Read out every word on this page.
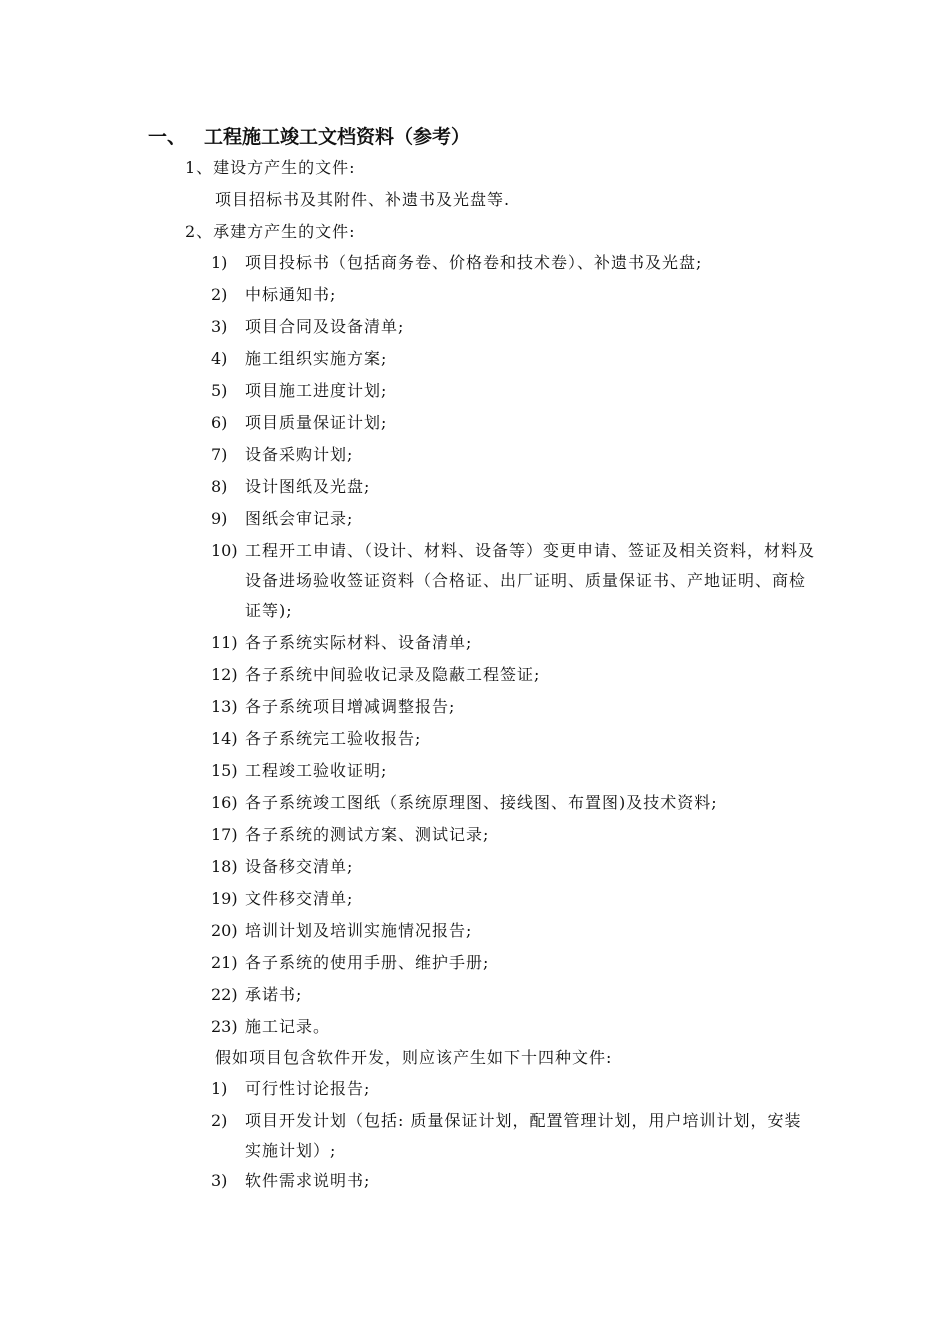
一、 工程施工竣工文档资料（参考）
1、建设方产生的文件:
项目招标书及其附件、补遗书及光盘等.
2、承建方产生的文件:
1)	项目投标书（包括商务卷、价格卷和技术卷）、补遗书及光盘;
2)	中标通知书;
3)	项目合同及设备清单;
4)	施工组织实施方案;
5)	项目施工进度计划;
6)	项目质量保证计划;
7)	设备采购计划;
8)	设计图纸及光盘;
9)	图纸会审记录;
10) 工程开工申请、（设计、材料、设备等）变更申请、签证及相关资料，材料及设备进场验收签证资料（合格证、出厂证明、质量保证书、产地证明、商检证等);
11) 各子系统实际材料、设备清单;
12) 各子系统中间验收记录及隐蔽工程签证;
13) 各子系统项目增减调整报告;
14) 各子系统完工验收报告;
15) 工程竣工验收证明;
16) 各子系统竣工图纸（系统原理图、接线图、布置图)及技术资料;
17) 各子系统的测试方案、测试记录;
18) 设备移交清单;
19) 文件移交清单;
20) 培训计划及培训实施情况报告;
21) 各子系统的使用手册、维护手册;
22) 承诺书;
23) 施工记录。
假如项目包含软件开发，则应该产生如下十四种文件:
1)	可行性讨论报告;
2)	项目开发计划（包括: 质量保证计划，配置管理计划，用户培训计划，安装实施计划）;
3)	软件需求说明书;
